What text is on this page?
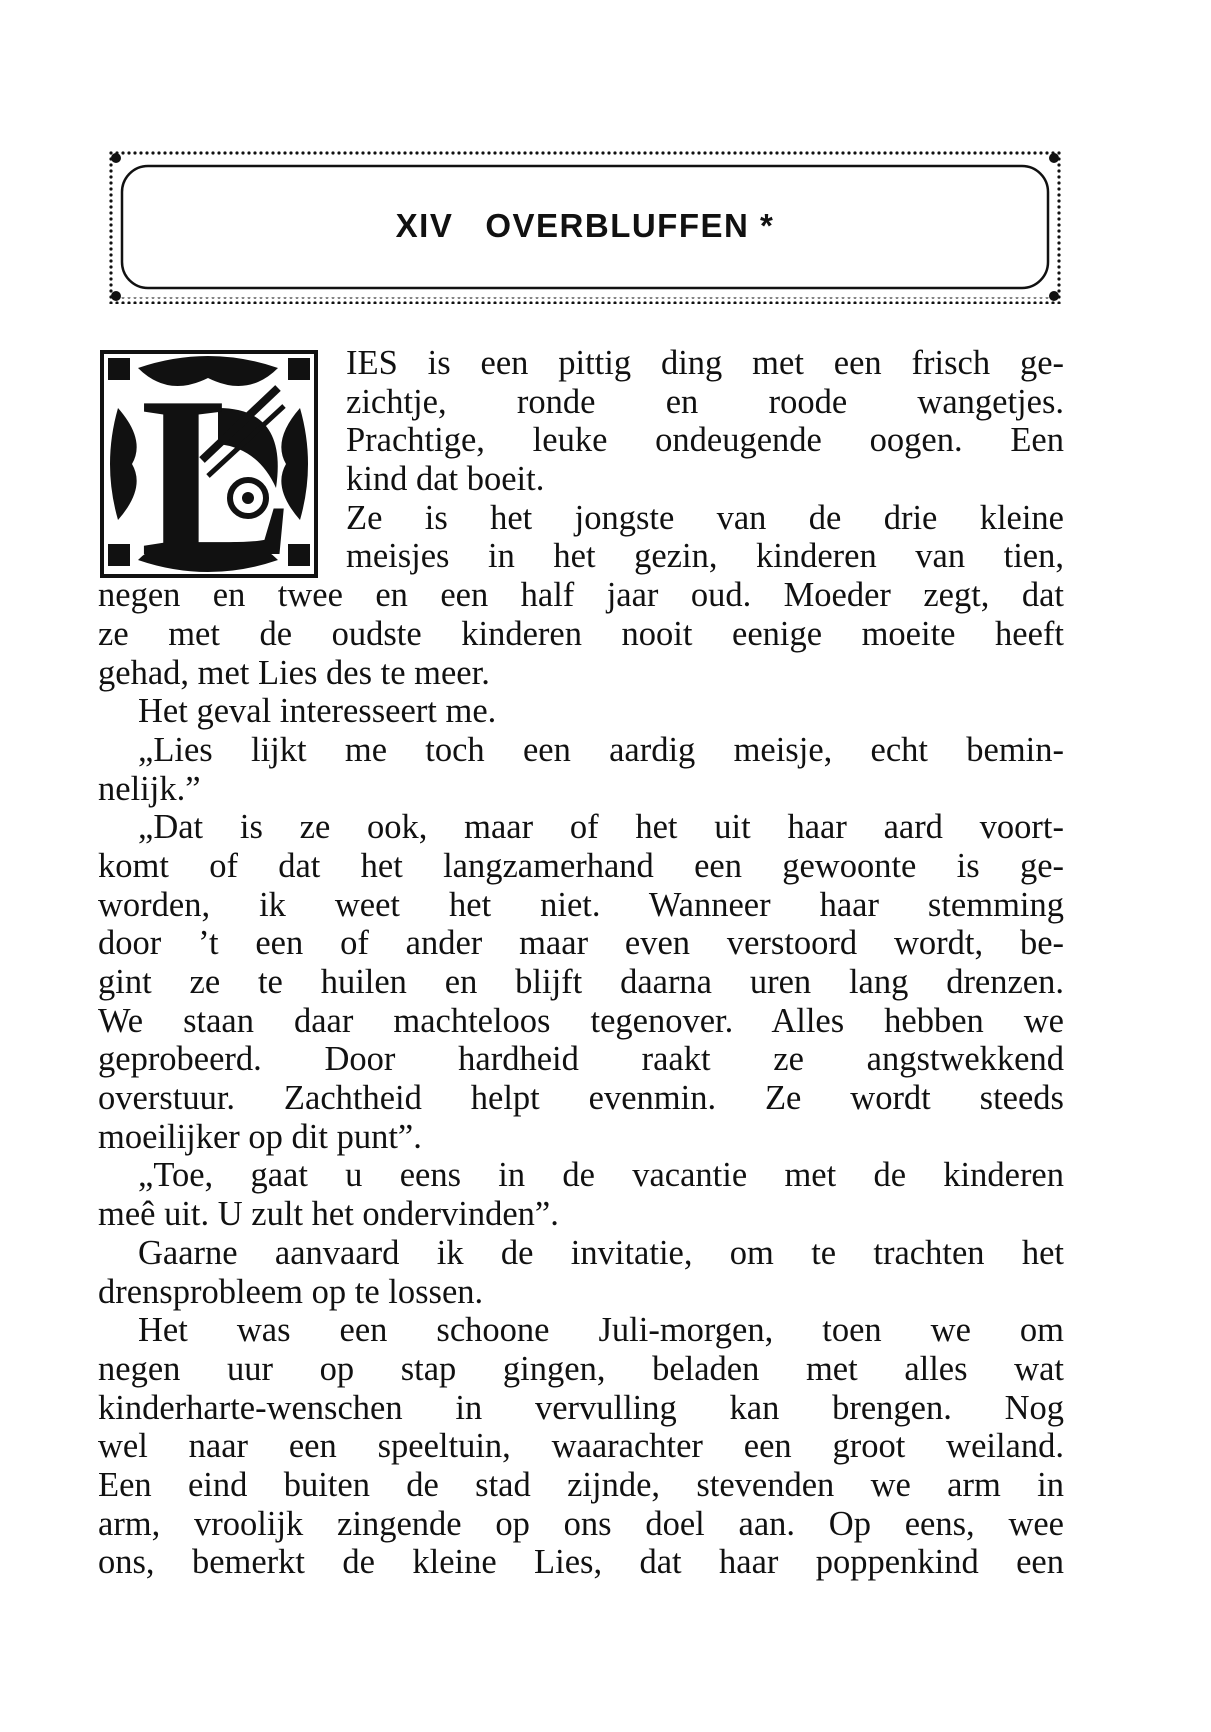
XIV   OVERBLUFFEN *
L IES is een pittig ding met een frisch ge-
zichtje, ronde en roode wangetjes.
Prachtige, leuke ondeugende oogen. Een
kind dat boeit.
Ze is het jongste van de drie kleine
meisjes in het gezin, kinderen van tien,
negen en twee en een half jaar oud. Moeder zegt, dat
ze met de oudste kinderen nooit eenige moeite heeft
gehad, met Lies des te meer.
Het geval interesseert me.
„Lies lijkt me toch een aardig meisje, echt bemin-
nelijk.”
„Dat is ze ook, maar of het uit haar aard voort-
komt of dat het langzamerhand een gewoonte is ge-
worden, ik weet het niet. Wanneer haar stemming
door ’t een of ander maar even verstoord wordt, be-
gint ze te huilen en blijft daarna uren lang drenzen.
We staan daar machteloos tegenover. Alles hebben we
geprobeerd. Door hardheid raakt ze angstwekkend
overstuur. Zachtheid helpt evenmin. Ze wordt steeds
moeilijker op dit punt”.
„Toe, gaat u eens in de vacantie met de kinderen
meê uit. U zult het ondervinden”.
Gaarne aanvaard ik de invitatie, om te trachten het
drensprobleem op te lossen.
Het was een schoone Juli-morgen, toen we om
negen uur op stap gingen, beladen met alles wat
kinderharte-wenschen in vervulling kan brengen. Nog
wel naar een speeltuin, waarachter een groot weiland.
Een eind buiten de stad zijnde, stevenden we arm in
arm, vroolijk zingende op ons doel aan. Op eens, wee
ons, bemerkt de kleine Lies, dat haar poppenkind een
